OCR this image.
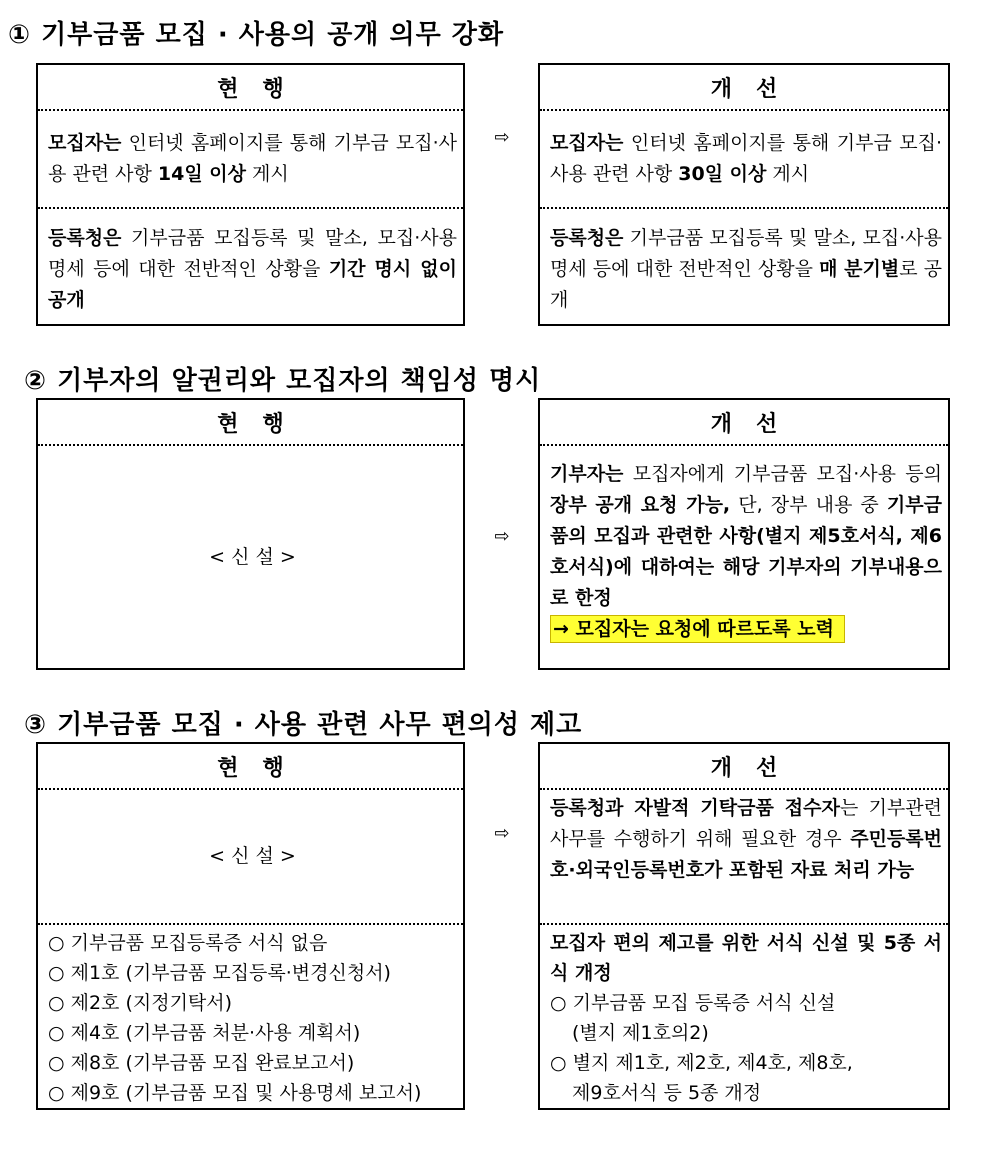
① 기부금품 모집 · 사용의 공개 의무 강화
현행
모집자는 인터넷 홈페이지를 통해 기부금 모집·사용 관련 사항 14일 이상 게시
등록청은 기부금품 모집등록 및 말소, 모집·사용명세 등에 대한 전반적인 상황을 기간 명시 없이 공개
⇨
개선
모집자는 인터넷 홈페이지를 통해 기부금 모집·사용 관련 사항 30일 이상 게시
등록청은 기부금품 모집등록 및 말소, 모집·사용명세 등에 대한 전반적인 상황을 매 분기별로 공개
② 기부자의 알권리와 모집자의 책임성 명시
현행
< 신 설 >
⇨
개선
기부자는 모집자에게 기부금품 모집·사용 등의 장부 공개 요청 가능, 단, 장부 내용 중 기부금품의 모집과 관련한 사항(별지 제5호서식, 제6호서식)에 대하여는 해당 기부자의 기부내용으로 한정
→ 모집자는 요청에 따르도록 노력
③ 기부금품 모집 · 사용 관련 사무 편의성 제고
현행
< 신 설 >
○ 기부금품 모집등록증 서식 없음
○ 제1호 (기부금품 모집등록·변경신청서)
○ 제2호 (지정기탁서)
○ 제4호 (기부금품 처분·사용 계획서)
○ 제8호 (기부금품 모집 완료보고서)
○ 제9호 (기부금품 모집 및 사용명세 보고서)
⇨
개선
등록청과 자발적 기탁금품 접수자는 기부관련 사무를 수행하기 위해 필요한 경우 주민등록번호·외국인등록번호가 포함된 자료 처리 가능
모집자 편의 제고를 위한 서식 신설 및 5종 서식 개정
○ 기부금품 모집 등록증 서식 신설
(별지 제1호의2)
○ 별지 제1호, 제2호, 제4호, 제8호,
제9호서식 등 5종 개정
